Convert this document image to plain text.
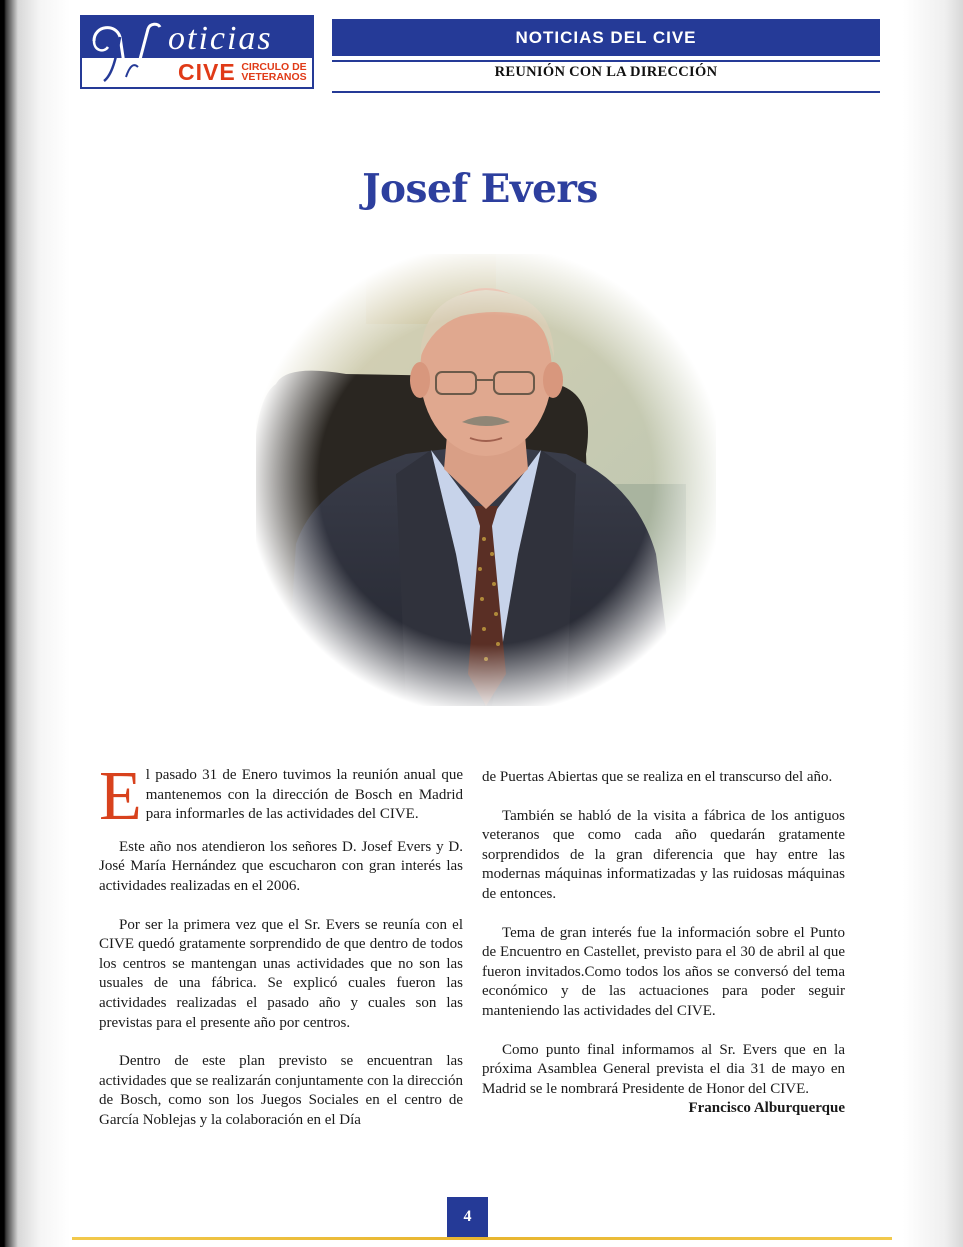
oticias
CIVE CIRCULO DE
VETERANOS
NOTICIAS DEL CIVE
REUNIÓN CON LA DIRECCIÓN
Josef Evers

El pasado 31 de Enero tuvimos la reunión anual que mantenemos con la dirección de Bosch en Madrid para informarles de las actividades del CIVE.

Este año nos atendieron los señores D. Josef Evers y D. José María Hernández que escucharon con gran interés las actividades realizadas en el 2006.

Por ser la primera vez que el Sr. Evers se reunía con el CIVE quedó gratamente sorprendido de que dentro de todos los centros se mantengan unas actividades que no son las usuales de una fábrica. Se explicó cuales fueron las actividades realizadas el pasado año y cuales son las previstas para el presente año por centros.

Dentro de este plan previsto se encuentran las actividades que se realizarán conjuntamente con la dirección de Bosch, como son los Juegos Sociales en el centro de García Noblejas y la colaboración en el Día

de Puertas Abiertas que se realiza en el transcurso del año.

También se habló de la visita a fábrica de los antiguos veteranos que como cada año quedarán gratamente sorprendidos de la gran diferencia que hay entre las modernas máquinas informatizadas y las ruidosas máquinas de entonces.

Tema de gran interés fue la información sobre el Punto de Encuentro en Castellet, previsto para el 30 de abril al que fueron invitados.Como todos los años se conversó del tema económico y de las actuaciones para poder seguir manteniendo las actividades del CIVE.

Como punto final informamos al Sr. Evers que en la próxima Asamblea General prevista el dia 31 de mayo en Madrid se le nombrará Presidente de Honor del CIVE.

Francisco Alburquerque

4
